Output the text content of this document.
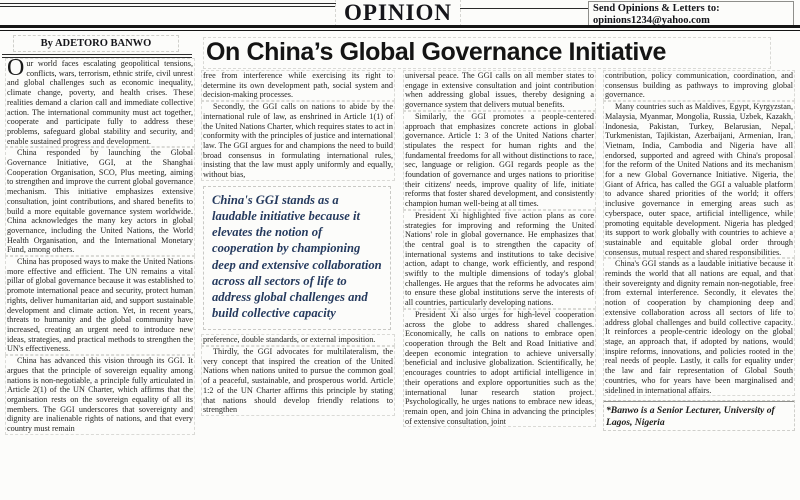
OPINION	Send Opinions & Letters to:
opinions1234@yahoo.com
By ADETORO BANWO	On China’s Global Governance Initiative

Our world faces escalating geopolitical tensions, conflicts, wars, terrorism, ethnic strife, civil unrest and global challenges such as economic inequality, climate change, poverty, and health crises. These realities demand a clarion call and immediate collective action. The international community must act together, cooperate and participate fully to address these problems, safeguard global stability and security, and enable sustained progress and development.

China responded by launching the Global Governance Initiative, GGI, at the Shanghai Cooperation Organisation, SCO, Plus meeting, aiming to strengthen and improve the current global governance mechanism. This initiative emphasizes extensive consultation, joint contributions, and shared benefits to build a more equitable governance system worldwide. China acknowledges the many key actors in global governance, including the United Nations, the World Health Organisation, and the International Monetary Fund, among others.

China has proposed ways to make the United Nations more effective and efficient. The UN remains a vital pillar of global governance because it was established to promote international peace and security, protect human rights, deliver humanitarian aid, and support sustainable development and climate action. Yet, in recent years, threats to humanity and the global community have increased, creating an urgent need to introduce new ideas, strategies, and practical methods to strengthen the UN's effectiveness.

China has advanced this vision through its GGI. It argues that the principle of sovereign equality among nations is non-negotiable, a principle fully articulated in Article 2(1) of the UN Charter, which affirms that the organisation rests on the sovereign equality of all its members. The GGI underscores that sovereignty and dignity are inalienable rights of nations, and that every country must remain

free from interference while exercising its right to determine its own development path, social system and decision-making processes.

Secondly, the GGI calls on nations to abide by the international rule of law, as enshrined in Article 1(1) of the United Nations Charter, which requires states to act in conformity with the principles of justice and international law. The GGI argues for and champions the need to build broad consensus in formulating international rules, insisting that the law must apply uniformly and equally, without bias,

China's GGI stands as a laudable initiative because it elevates the notion of cooperation by championing deep and extensive collaboration across all sectors of life to address global challenges and build collective capacity

preference, double standards, or external imposition.

Thirdly, the GGI advocates for multilateralism, the very concept that inspired the creation of the United Nations when nations united to pursue the common goal of a peaceful, sustainable, and prosperous world. Article 1:2 of the UN Charter affirms this principle by stating that nations should develop friendly relations to strengthen

universal peace. The GGI calls on all member states to engage in extensive consultation and joint contribution when addressing global issues, thereby designing a governance system that delivers mutual benefits.

Similarly, the GGI promotes a people-centered approach that emphasizes concrete actions in global governance. Article 1: 3 of the United Nations charter stipulates the respect for human rights and the fundamental freedoms for all without distinctions to race, sec, language or religion. GGI regards people as the foundation of governance and urges nations to prioritise their citizens' needs, improve quality of life, initiate reforms that foster shared development, and consistently champion human well-being at all times.

President Xi highlighted five action plans as core strategies for improving and reforming the United Nations' role in global governance. He emphasizes that the central goal is to strengthen the capacity of international systems and institutions to take decisive action, adapt to change, work efficiently, and respond swiftly to the multiple dimensions of today's global challenges. He argues that the reforms he advocates aim to ensure these global institutions serve the interests of all countries, particularly developing nations.

President Xi also urges for high-level cooperation across the globe to address shared challenges. Economically, he calls on nations to embrace open cooperation through the Belt and Road Initiative and deepen economic integration to achieve universally beneficial and inclusive globalization. Scientifically, he encourages countries to adopt artificial intelligence in their operations and explore opportunities such as the international lunar research station project. Psychologically, he urges nations to embrace new ideas, remain open, and join China in advancing the principles of extensive consultation, joint

contribution, policy communication, coordination, and consensus building as pathways to improving global governance.

Many countries such as Maldives, Egypt, Kyrgyzstan, Malaysia, Myanmar, Mongolia, Russia, Uzbek, Kazakh, Indonesia, Pakistan, Turkey, Belarusian, Nepal, Turkmenistan, Tajikistan, Azerbaijani, Armenian, Iran, Vietnam, India, Cambodia and Nigeria have all endorsed, supported and agreed with China's proposal for the reform of the United Nations and its mechanism for a new Global Governance Initiative. Nigeria, the Giant of Africa, has called the GGI a valuable platform to advance shared priorities of the world; it offers inclusive governance in emerging areas such as cyberspace, outer space, artificial intelligence, while promoting equitable development. Nigeria has pledged its support to work globally with countries to achieve a sustainable and equitable global order through consensus, mutual respect and shared responsibilities.

China's GGI stands as a laudable initiative because it reminds the world that all nations are equal, and that their sovereignty and dignity remain non-negotiable, free from external interference. Secondly, it elevates the notion of cooperation by championing deep and extensive collaboration across all sectors of life to address global challenges and build collective capacity. It reinforces a people-centric ideology on the global stage, an approach that, if adopted by nations, would inspire reforms, innovations, and policies rooted in the real needs of people. Lastly, it calls for equality under the law and fair representation of Global South countries, who for years have been marginalised and sidelined in international affairs.

*Banwo is a Senior Lecturer, University of Lagos, Nigeria
